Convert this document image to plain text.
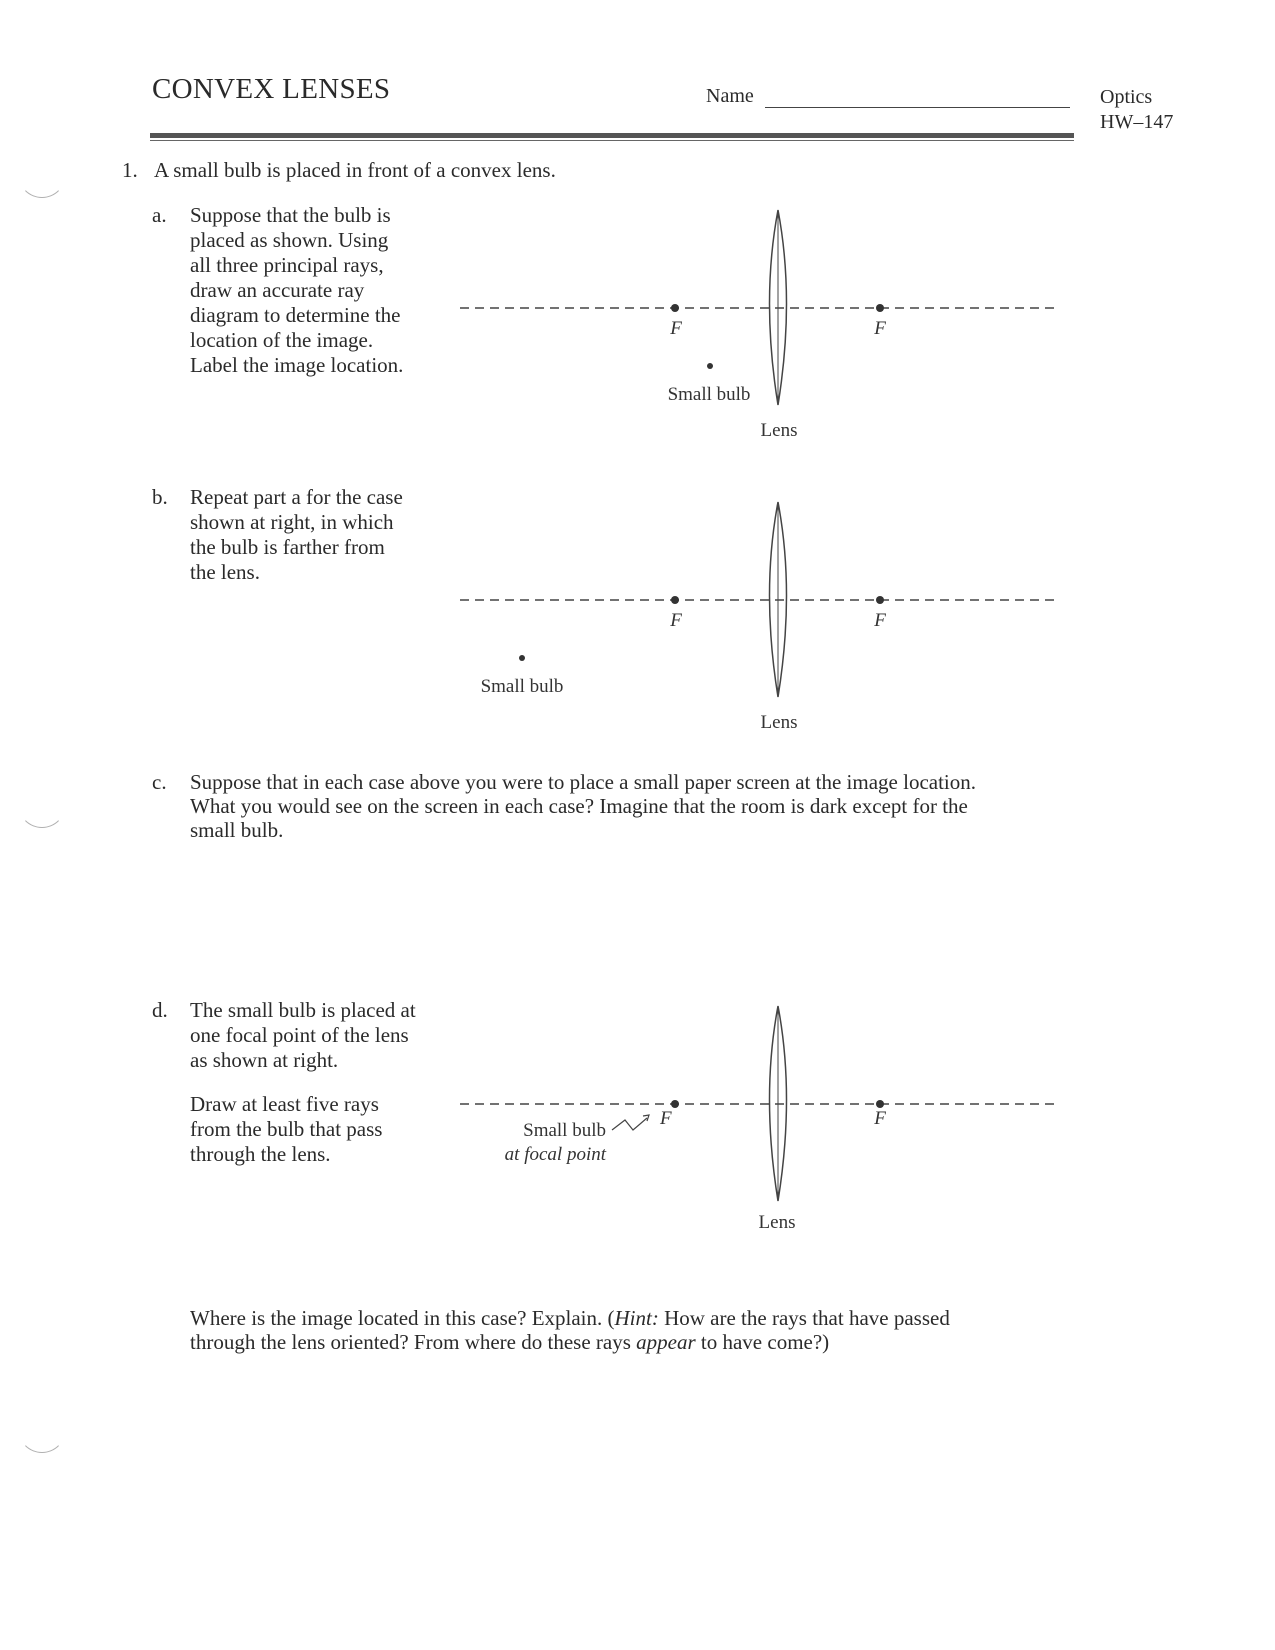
CONVEX LENSES	Name	Optics
HW–147
1. A small bulb is placed in front of a convex lens.
a. Suppose that the bulb is
placed as shown. Using
all three principal rays,
draw an accurate ray
diagram to determine the
location of the image.
Label the image location.
F	F
Small bulb
Lens
b. Repeat part a for the case
shown at right, in which
the bulb is farther from
the lens.
F	F
Small bulb
Lens
c. Suppose that in each case above you were to place a small paper screen at the image location.
What you would see on the screen in each case? Imagine that the room is dark except for the
small bulb.
d. The small bulb is placed at
one focal point of the lens
as shown at right.
Draw at least five rays
from the bulb that pass
through the lens.
F	F
Small bulb
at focal point
Lens
Where is the image located in this case? Explain. (Hint: How are the rays that have passed
through the lens oriented? From where do these rays appear to have come?)
